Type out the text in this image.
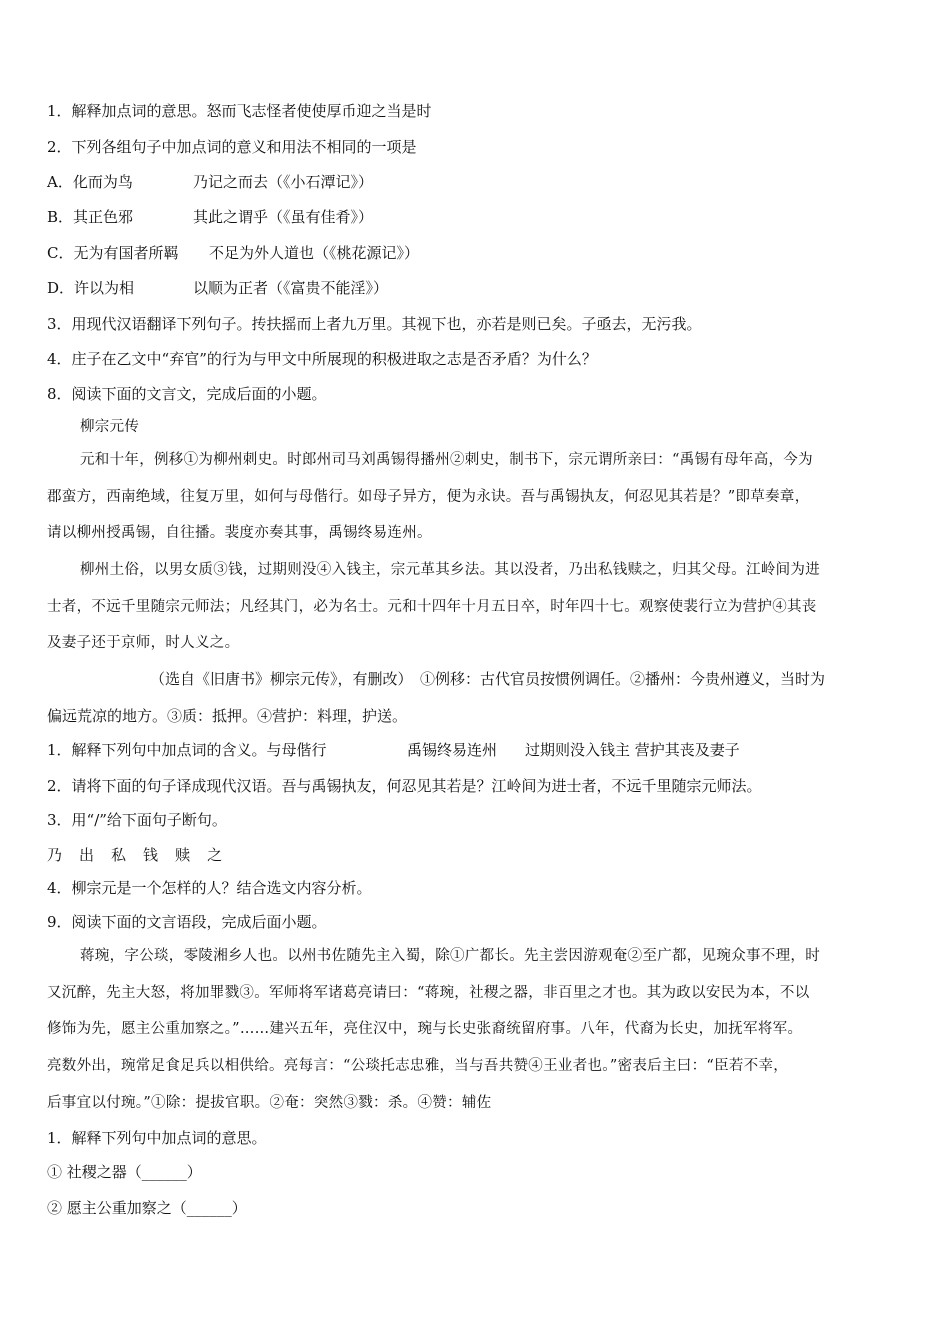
1．解释加点词的意思。怒而飞志怪者使使厚币迎之当是时
2．下列各组句子中加点词的意义和用法不相同的一项是
A．化而为鸟	乃记之而去（《小石潭记》）
B．其正色邪	其此之谓乎（《虽有佳肴》）
C．无为有国者所羁 不足为外人道也（《桃花源记》）
D．许以为相	以顺为正者（《富贵不能淫》）
3．用现代汉语翻译下列句子。抟扶摇而上者九万里。其视下也，亦若是则已矣。子亟去，无污我。
4．庄子在乙文中“弃官”的行为与甲文中所展现的积极进取之志是否矛盾？为什么？
8．阅读下面的文言文，完成后面的小题。
柳宗元传
元和十年，例移①为柳州刺史。时郎州司马刘禹锡得播州②刺史，制书下，宗元谓所亲曰：“禹锡有母年高，今为
郡蛮方，西南绝域，往复万里，如何与母偕行。如母子异方，便为永诀。吾与禹锡执友，何忍见其若是？”即草奏章，
请以柳州授禹锡，自往播。裴度亦奏其事，禹锡终易连州。
柳州土俗，以男女质③钱，过期则没④入钱主，宗元革其乡法。其以没者，乃出私钱赎之，归其父母。江岭间为进
士者，不远千里随宗元师法；凡经其门，必为名士。元和十四年十月五日卒，时年四十七。观察使裴行立为营护④其丧
及妻子还于京师，时人义之。
（选自《旧唐书》柳宗元传》，有删改）　①例移：古代官员按惯例调任。②播州：今贵州遵义，当时为
偏远荒凉的地方。③质：抵押。④营护：料理，护送。
1．解释下列句中加点词的含义。与母偕行	禹锡终易连州 过期则没入钱主 营护其丧及妻子
2．请将下面的句子译成现代汉语。吾与禹锡执友，何忍见其若是？江岭间为进士者，不远千里随宗元师法。
3．用“/”给下面句子断句。
乃 出 私 钱 赎 之
4．柳宗元是一个怎样的人？结合选文内容分析。
9．阅读下面的文言语段，完成后面小题。
蒋琬，字公琰，零陵湘乡人也。以州书佐随先主入蜀，除①广都长。先主尝因游观奄②至广都，见琬众事不理，时
又沉醉，先主大怒，将加罪戮③。军师将军诸葛亮请曰：“蒋琬，社稷之器，非百里之才也。其为政以安民为本，不以
修饰为先，愿主公重加察之。”……建兴五年，亮住汉中，琬与长史张裔统留府事。八年，代裔为长史，加抚军将军。
亮数外出，琬常足食足兵以相供给。亮每言：“公琰托志忠雅，当与吾共赞④王业者也。”密表后主曰：“臣若不幸，
后事宜以付琬。”①除：提拔官职。②奄：突然③戮：杀。④赞：辅佐
1．解释下列句中加点词的意思。
① 社稷之器（______）
② 愿主公重加察之（______）
